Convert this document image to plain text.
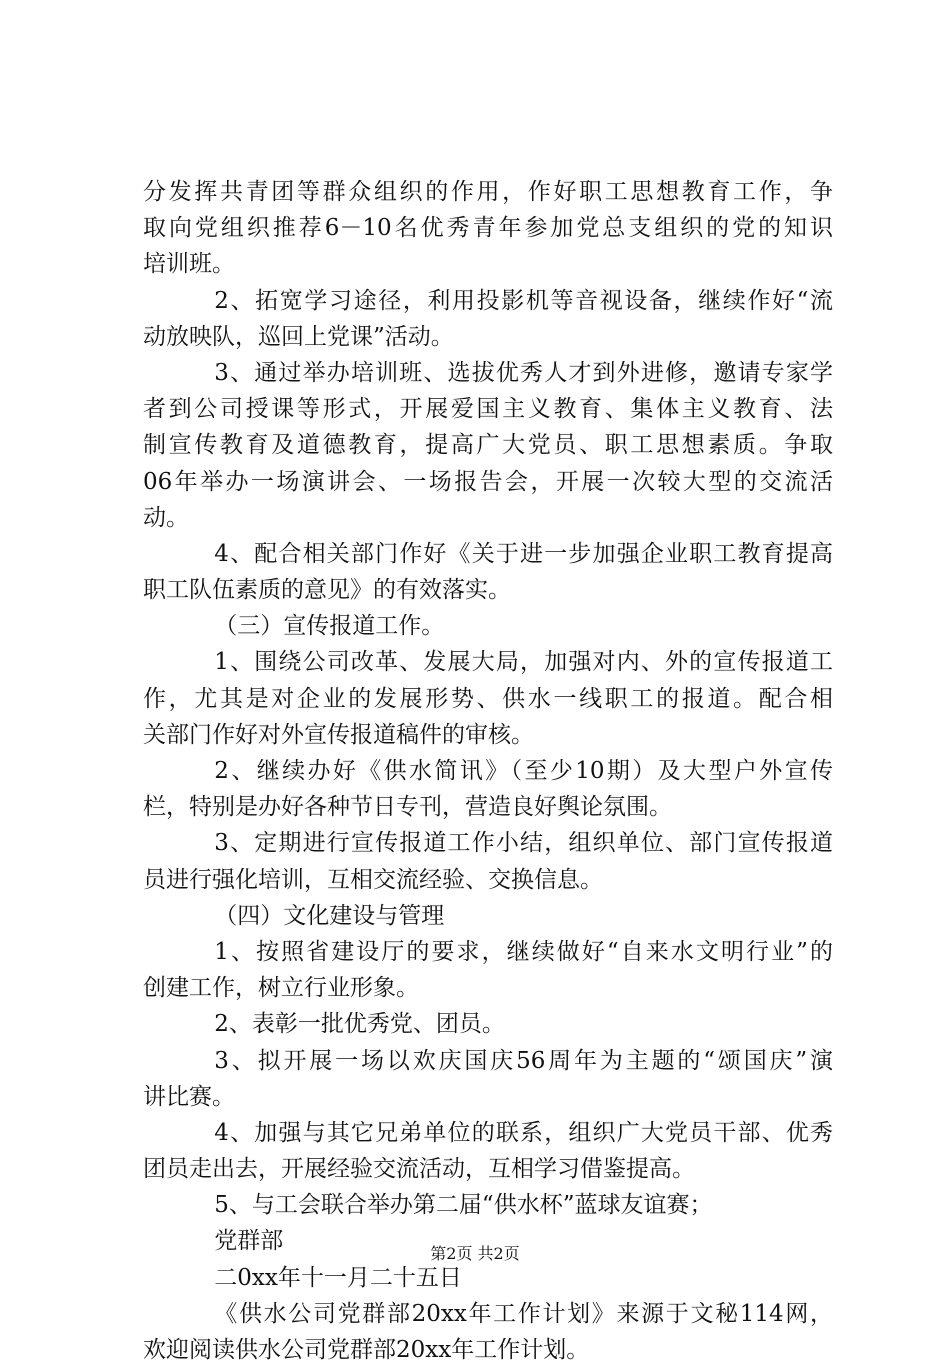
分发挥共青团等群众组织的作用，作好职工思想教育工作，争
取向党组织推荐6－10名优秀青年参加党总支组织的党的知识
培训班。
2、拓宽学习途径，利用投影机等音视设备，继续作好“流
动放映队，巡回上党课”活动。
3、通过举办培训班、选拔优秀人才到外进修，邀请专家学
者到公司授课等形式，开展爱国主义教育、集体主义教育、法
制宣传教育及道德教育，提高广大党员、职工思想素质。争取
06年举办一场演讲会、一场报告会，开展一次较大型的交流活
动。
4、配合相关部门作好《关于进一步加强企业职工教育提高
职工队伍素质的意见》的有效落实。
（三）宣传报道工作。
1、围绕公司改革、发展大局，加强对内、外的宣传报道工
作，尤其是对企业的发展形势、供水一线职工的报道。配合相
关部门作好对外宣传报道稿件的审核。
2、继续办好《供水简讯》（至少10期）及大型户外宣传
栏，特别是办好各种节日专刊，营造良好舆论氛围。
3、定期进行宣传报道工作小结，组织单位、部门宣传报道
员进行强化培训，互相交流经验、交换信息。
（四）文化建设与管理
1、按照省建设厅的要求，继续做好“自来水文明行业”的
创建工作，树立行业形象。
2、表彰一批优秀党、团员。
3、拟开展一场以欢庆国庆56周年为主题的“颂国庆”演
讲比赛。
4、加强与其它兄弟单位的联系，组织广大党员干部、优秀
团员走出去，开展经验交流活动，互相学习借鉴提高。
5、与工会联合举办第二届“供水杯”蓝球友谊赛；
党群部
二0xx年十一月二十五日
《供水公司党群部20xx年工作计划》来源于文秘114网，
欢迎阅读供水公司党群部20xx年工作计划。
第2页 共2页
